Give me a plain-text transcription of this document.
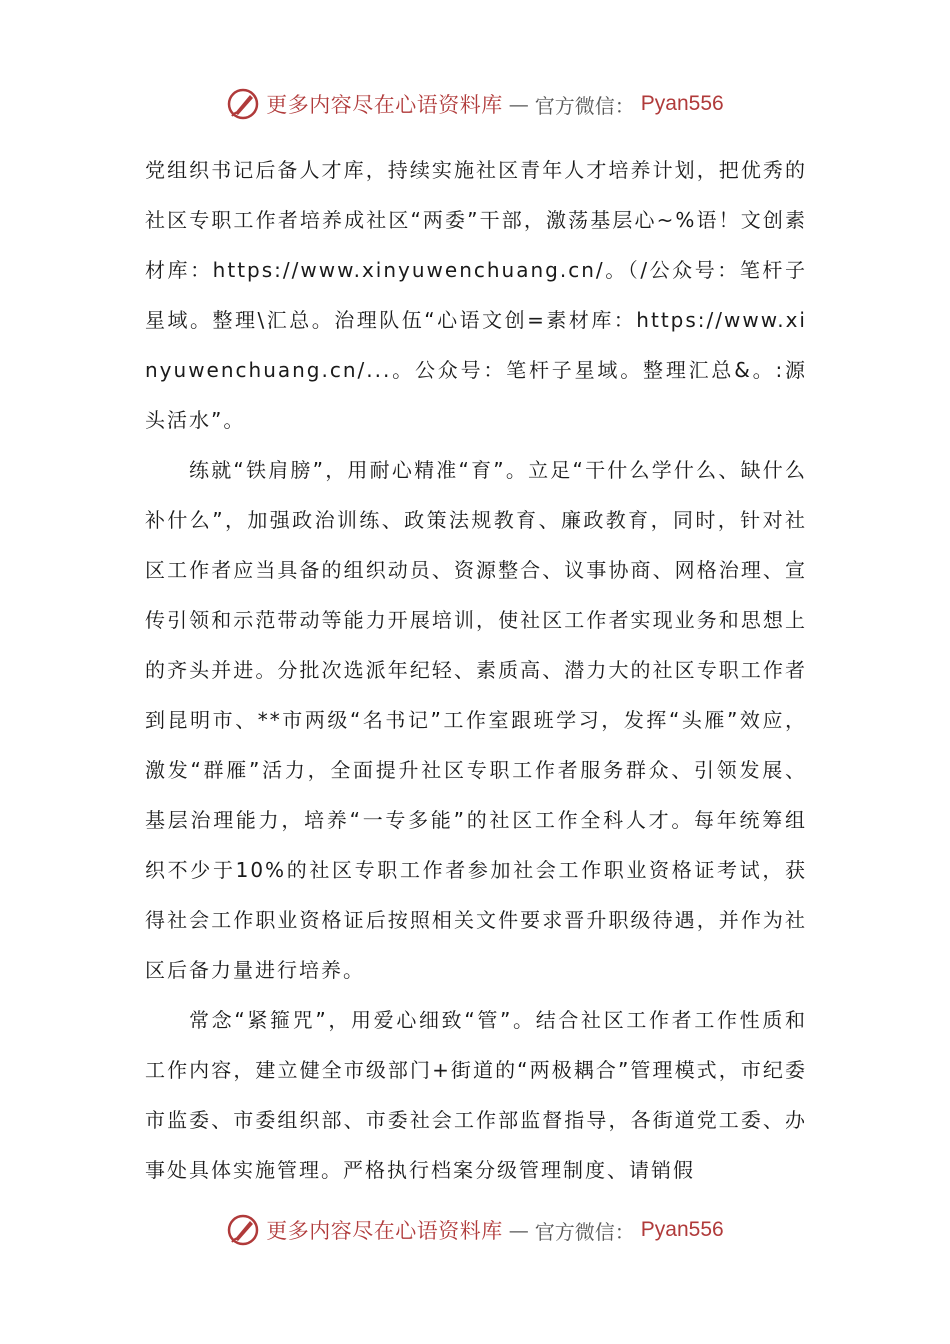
更多内容尽在心语资料库 — 官方微信： Pyan556

党组织书记后备人才库，持续实施社区青年人才培养计划，把优秀的社区专职工作者培养成社区“两委”干部，激荡基层心~%语！文创素材库：https://www.xinyuwenchuang.cn/。（/公众号：笔杆子星域。整理\汇总。治理队伍“心语文创=素材库：https://www.xinyuwenchuang.cn/...。公众号：笔杆子星域。整理汇总&。:源头活水”。

练就“铁肩膀”，用耐心精准“育”。立足“干什么学什么、缺什么补什么”，加强政治训练、政策法规教育、廉政教育，同时，针对社区工作者应当具备的组织动员、资源整合、议事协商、网格治理、宣传引领和示范带动等能力开展培训，使社区工作者实现业务和思想上的齐头并进。分批次选派年纪轻、素质高、潜力大的社区专职工作者到昆明市、**市两级“名书记”工作室跟班学习，发挥“头雁”效应，激发“群雁”活力，全面提升社区专职工作者服务群众、引领发展、基层治理能力，培养“一专多能”的社区工作全科人才。每年统筹组织不少于10%的社区专职工作者参加社会工作职业资格证考试，获得社会工作职业资格证后按照相关文件要求晋升职级待遇，并作为社区后备力量进行培养。

常念“紧箍咒”，用爱心细致“管”。结合社区工作者工作性质和工作内容，建立健全市级部门+街道的“两极耦合”管理模式，市纪委市监委、市委组织部、市委社会工作部监督指导，各街道党工委、办事处具体实施管理。严格执行档案分级管理制度、请销假

更多内容尽在心语资料库 — 官方微信： Pyan556
